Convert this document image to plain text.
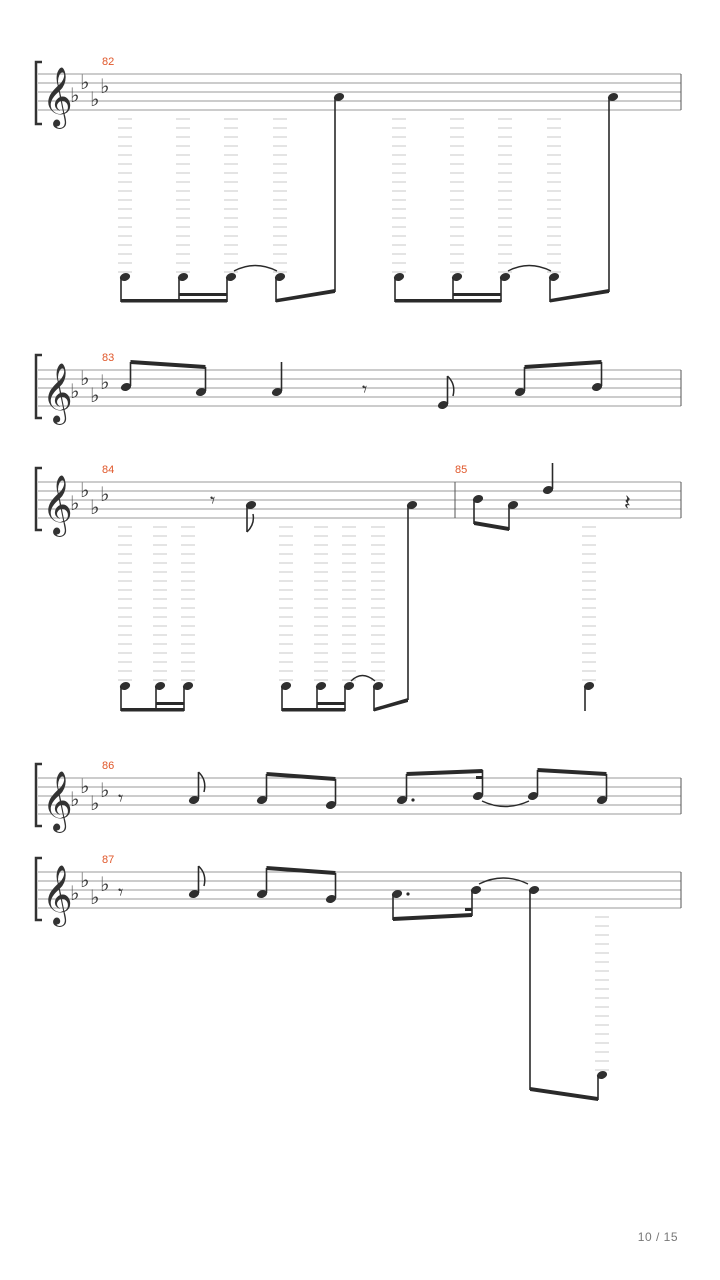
𝄞
♭
♭
♭
♭
82
𝄞
♭
♭
♭
♭
83
𝄾
𝄞
♭
♭
♭
♭
84	85
𝄾	𝄽
𝄞
♭
♭
♭
♭
86
𝄾
𝄞
♭
♭
♭
♭
87
𝄾
10 / 15
